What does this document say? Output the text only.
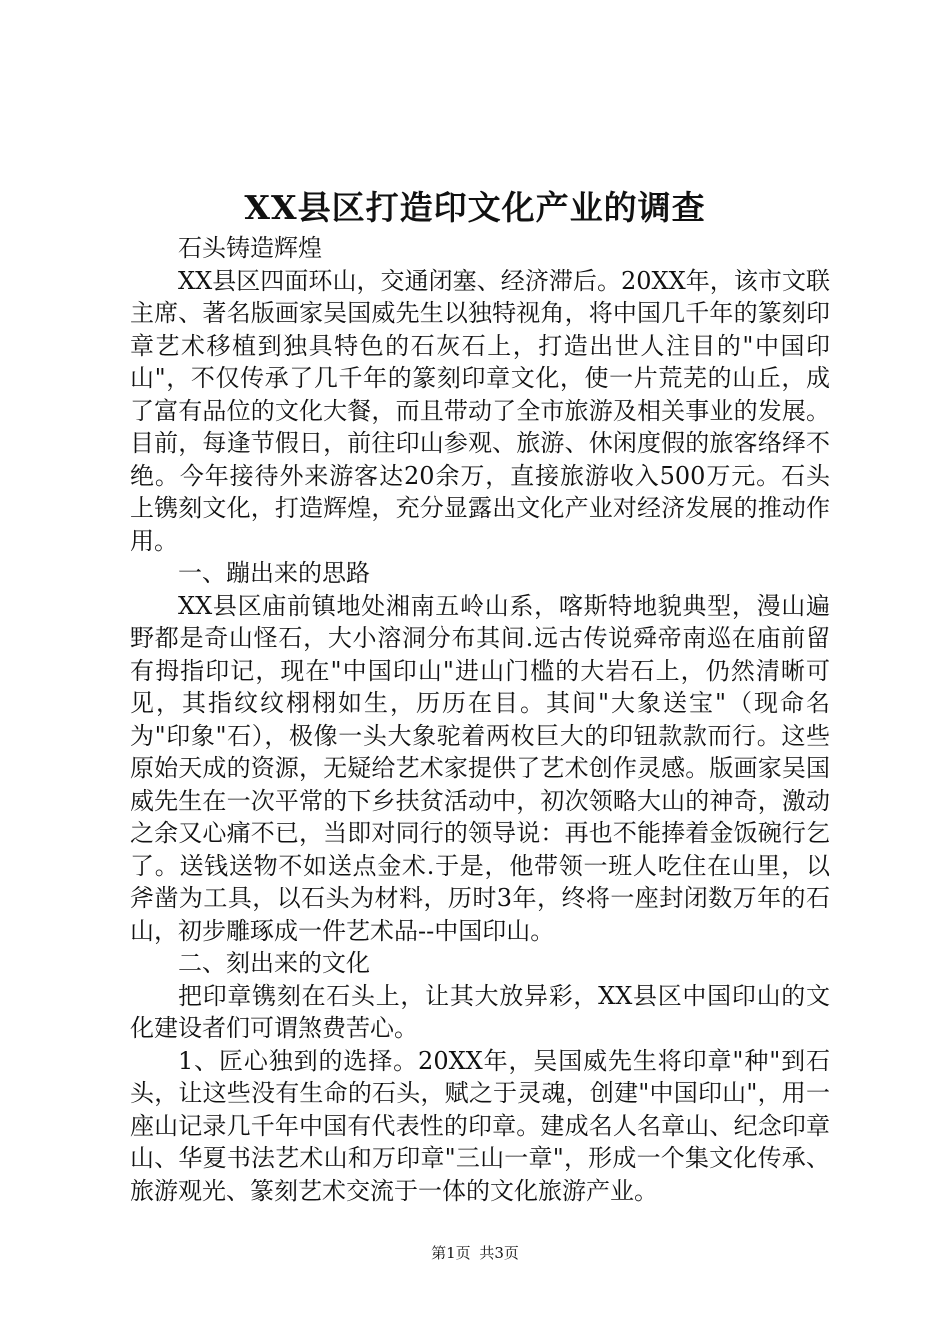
XX县区打造印文化产业的调查

石头铸造辉煌

XX县区四面环山，交通闭塞、经济滞后。20XX年，该市文联主席、著名版画家吴国威先生以独特视角，将中国几千年的篆刻印章艺术移植到独具特色的石灰石上，打造出世人注目的"中国印山"，不仅传承了几千年的篆刻印章文化，使一片荒芜的山丘，成了富有品位的文化大餐，而且带动了全市旅游及相关事业的发展。目前，每逢节假日，前往印山参观、旅游、休闲度假的旅客络绎不绝。今年接待外来游客达20余万，直接旅游收入500万元。石头上镌刻文化，打造辉煌，充分显露出文化产业对经济发展的推动作用。

一、蹦出来的思路

XX县区庙前镇地处湘南五岭山系，喀斯特地貌典型，漫山遍野都是奇山怪石，大小溶洞分布其间.远古传说舜帝南巡在庙前留有拇指印记，现在"中国印山"进山门槛的大岩石上，仍然清晰可见，其指纹纹栩栩如生，历历在目。其间"大象送宝"（现命名为"印象"石），极像一头大象驼着两枚巨大的印钮款款而行。这些原始天成的资源，无疑给艺术家提供了艺术创作灵感。版画家吴国威先生在一次平常的下乡扶贫活动中，初次领略大山的神奇，激动之余又心痛不已，当即对同行的领导说：再也不能捧着金饭碗行乞了。送钱送物不如送点金术.于是，他带领一班人吃住在山里，以斧凿为工具，以石头为材料，历时3年，终将一座封闭数万年的石山，初步雕琢成一件艺术品--中国印山。

二、刻出来的文化

把印章镌刻在石头上，让其大放异彩，XX县区中国印山的文化建设者们可谓煞费苦心。

1、匠心独到的选择。20XX年，吴国威先生将印章"种"到石头，让这些没有生命的石头，赋之于灵魂，创建"中国印山"，用一座山记录几千年中国有代表性的印章。建成名人名章山、纪念印章山、华夏书法艺术山和万印章"三山一章"，形成一个集文化传承、旅游观光、篆刻艺术交流于一体的文化旅游产业。

第1页 共3页
